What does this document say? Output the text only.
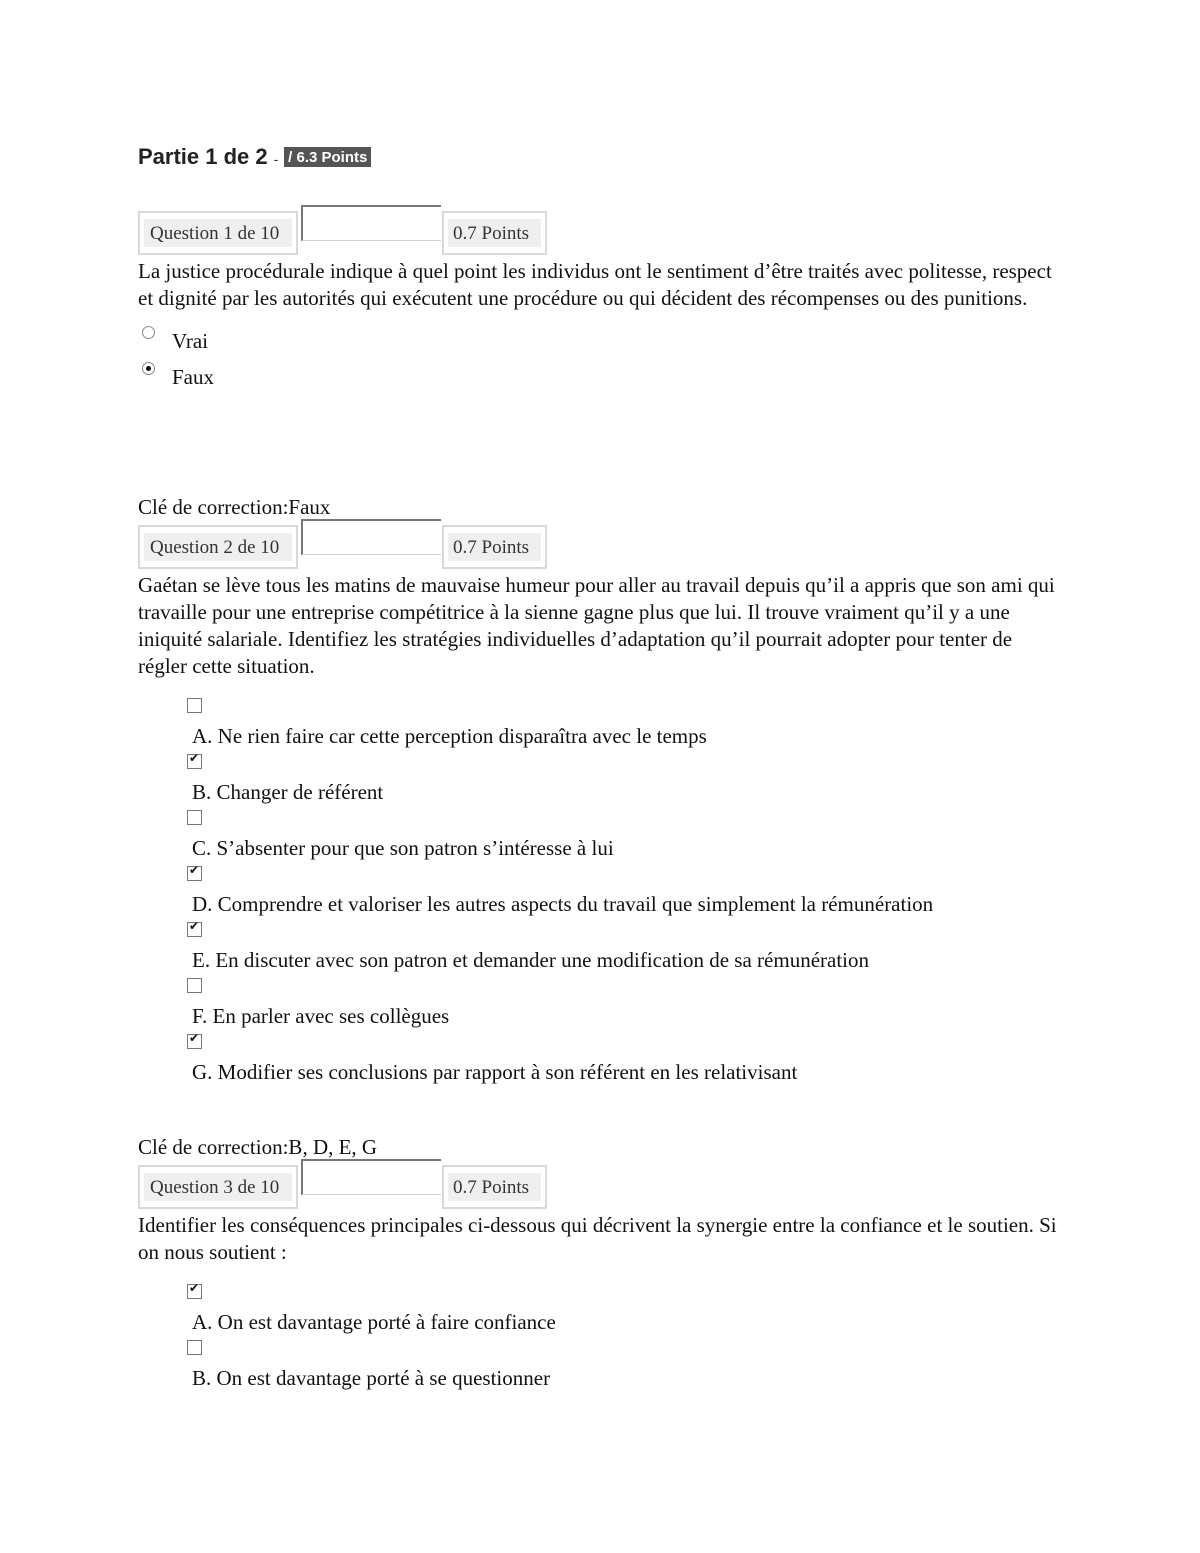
Partie 1 de 2 - / 6.3 Points
Question 1 de 10	0.7 Points
La justice procédurale indique à quel point les individus ont le sentiment d’être traités avec politesse, respect et dignité par les autorités qui exécutent une procédure ou qui décident des récompenses ou des punitions.
Vrai
Faux
Clé de correction:Faux
Question 2 de 10	0.7 Points
Gaétan se lève tous les matins de mauvaise humeur pour aller au travail depuis qu’il a appris que son ami qui travaille pour une entreprise compétitrice à la sienne gagne plus que lui. Il trouve vraiment qu’il y a une iniquité salariale. Identifiez les stratégies individuelles d’adaptation qu’il pourrait adopter pour tenter de régler cette situation.
A. Ne rien faire car cette perception disparaîtra avec le temps
✔
B. Changer de référent
C. S’absenter pour que son patron s’intéresse à lui
✔
D. Comprendre et valoriser les autres aspects du travail que simplement la rémunération
✔
E. En discuter avec son patron et demander une modification de sa rémunération
F. En parler avec ses collègues
✔
G. Modifier ses conclusions par rapport à son référent en les relativisant
Clé de correction:B, D, E, G
Question 3 de 10	0.7 Points
Identifier les conséquences principales ci-dessous qui décrivent la synergie entre la confiance et le soutien. Si on nous soutient :
✔
A. On est davantage porté à faire confiance
B. On est davantage porté à se questionner
